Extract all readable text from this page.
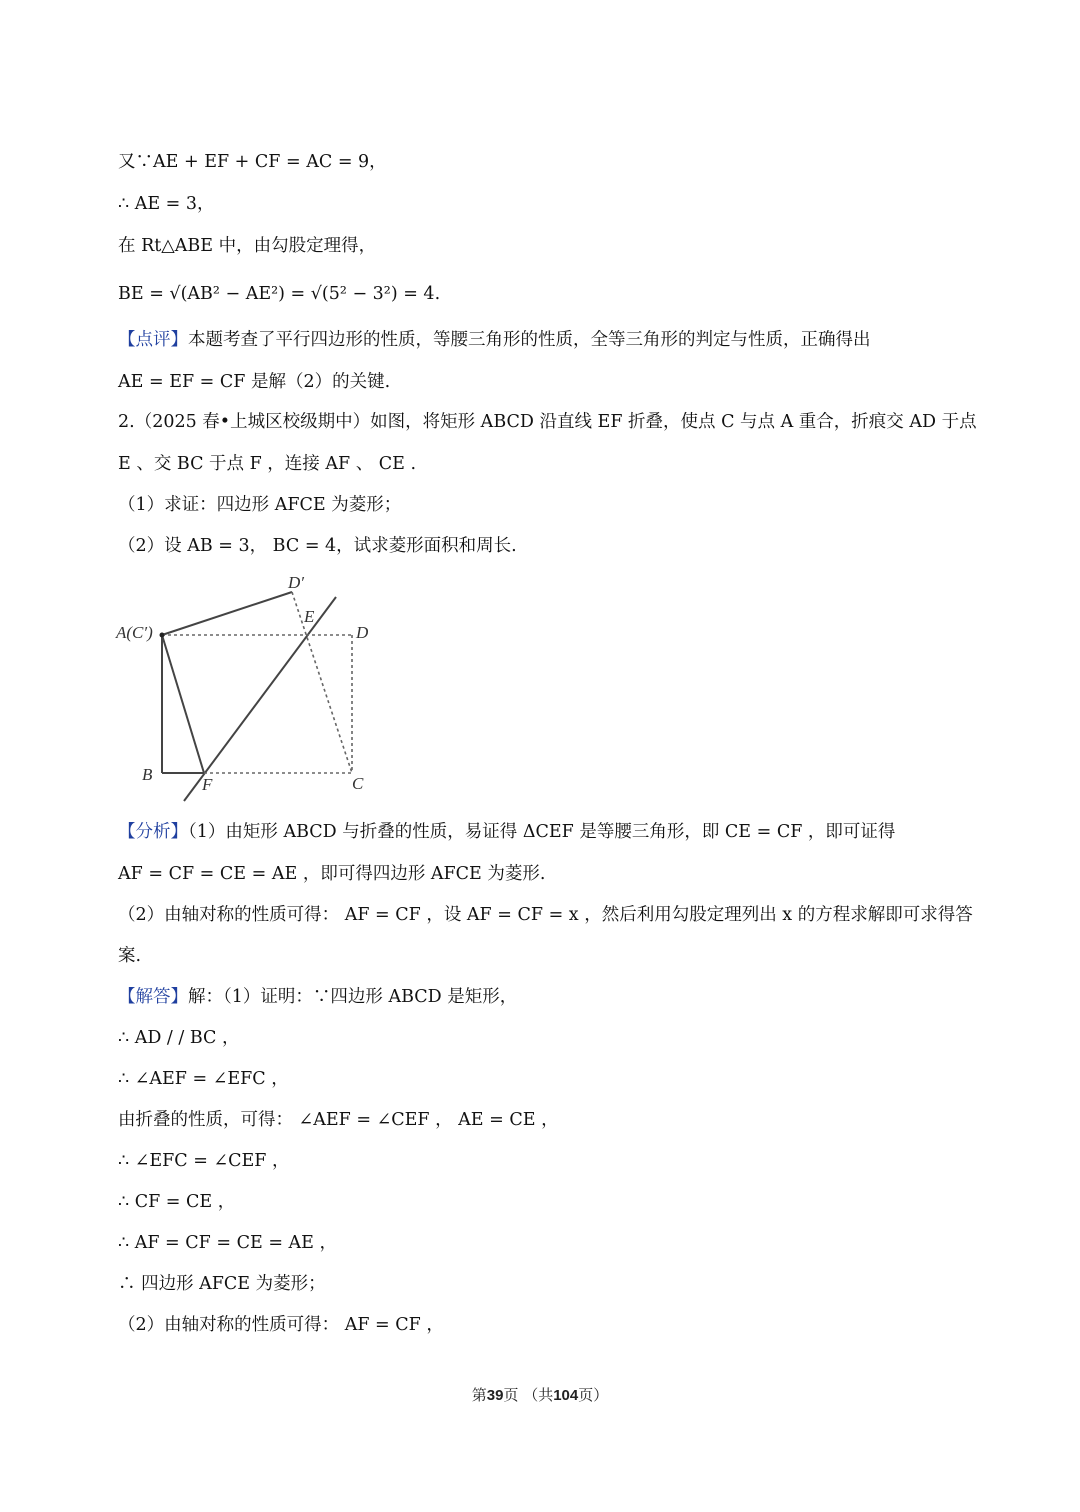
又∵AE + EF + CF = AC = 9，
∴ AE = 3，
在 Rt△ABE 中，由勾股定理得，
BE = √(AB² − AE²) = √(5² − 3²) = 4.
【点评】本题考查了平行四边形的性质，等腰三角形的性质，全等三角形的判定与性质，正确得出
AE = EF = CF 是解（2）的关键.
2.（2025 春•上城区校级期中）如图，将矩形 ABCD 沿直线 EF 折叠，使点 C 与点 A 重合，折痕交 AD 于点
E 、交 BC 于点 F ，连接 AF 、 CE .
（1）求证：四边形 AFCE 为菱形；
（2）设 AB = 3， BC = 4，试求菱形面积和周长.
A(C′)
B	C
D
D′
E
F
【分析】（1）由矩形 ABCD 与折叠的性质，易证得 ΔCEF 是等腰三角形，即 CE = CF ，即可证得
AF = CF = CE = AE ，即可得四边形 AFCE 为菱形.
（2）由轴对称的性质可得： AF = CF ，设 AF = CF = x ，然后利用勾股定理列出 x 的方程求解即可求得答
案.
【解答】解：（1）证明：∵四边形 ABCD 是矩形，
∴ AD / / BC ，
∴ ∠AEF = ∠EFC ，
由折叠的性质，可得： ∠AEF = ∠CEF ， AE = CE ，
∴ ∠EFC = ∠CEF ，
∴ CF = CE ，
∴ AF = CF = CE = AE ，
∴ 四边形 AFCE 为菱形；
（2）由轴对称的性质可得： AF = CF ，
第39页 （共104页）
